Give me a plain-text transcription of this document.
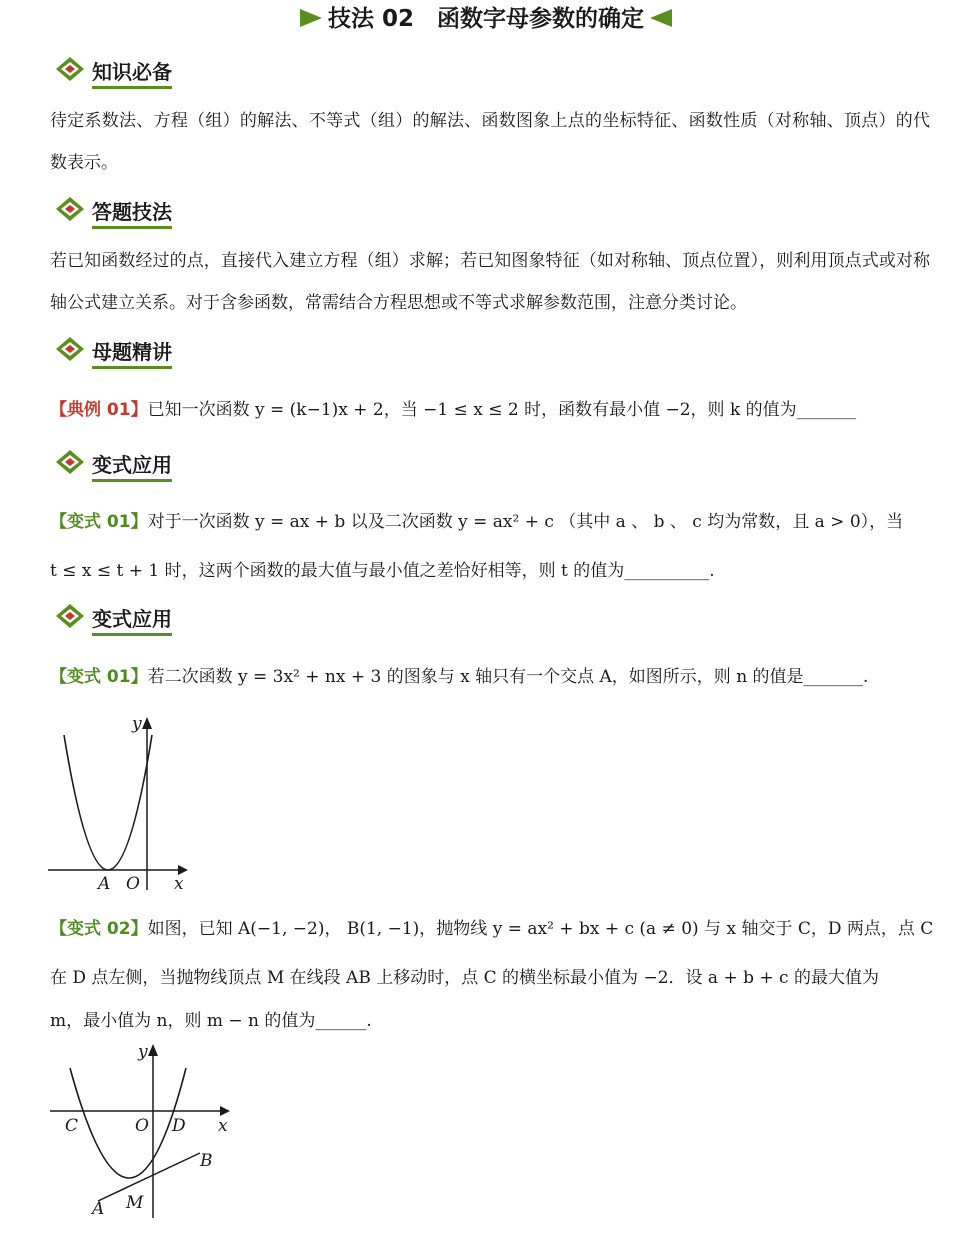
技法 02　函数字母参数的确定
知识必备
待定系数法、方程（组）的解法、不等式（组）的解法、函数图象上点的坐标特征、函数性质（对称轴、顶点）的代数表示。
答题技法
若已知函数经过的点，直接代入建立方程（组）求解；若已知图象特征（如对称轴、顶点位置），则利用顶点式或对称轴公式建立关系。对于含参函数，常需结合方程思想或不等式求解参数范围，注意分类讨论。
母题精讲
【典例 01】已知一次函数 y = (k−1)x + 2，当 −1 ≤ x ≤ 2 时，函数有最小值 −2，则 k 的值为_______
变式应用
【变式 01】对于一次函数 y = ax + b 以及二次函数 y = ax² + c （其中 a 、 b 、 c 均为常数，且 a > 0），当
t ≤ x ≤ t + 1 时，这两个函数的最大值与最小值之差恰好相等，则 t 的值为__________.
变式应用
【变式 01】若二次函数 y = 3x² + nx + 3 的图象与 x 轴只有一个交点 A，如图所示，则 n 的值是_______.
y
A O x
【变式 02】如图，已知 A(−1, −2)， B(1, −1)，抛物线 y = ax² + bx + c (a ≠ 0) 与 x 轴交于 C，D 两点，点 C
在 D 点左侧，当抛物线顶点 M 在线段 AB 上移动时，点 C 的横坐标最小值为 −2．设 a + b + c 的最大值为
m，最小值为 n，则 m − n 的值为______.
y
C	O D x
B
A M
